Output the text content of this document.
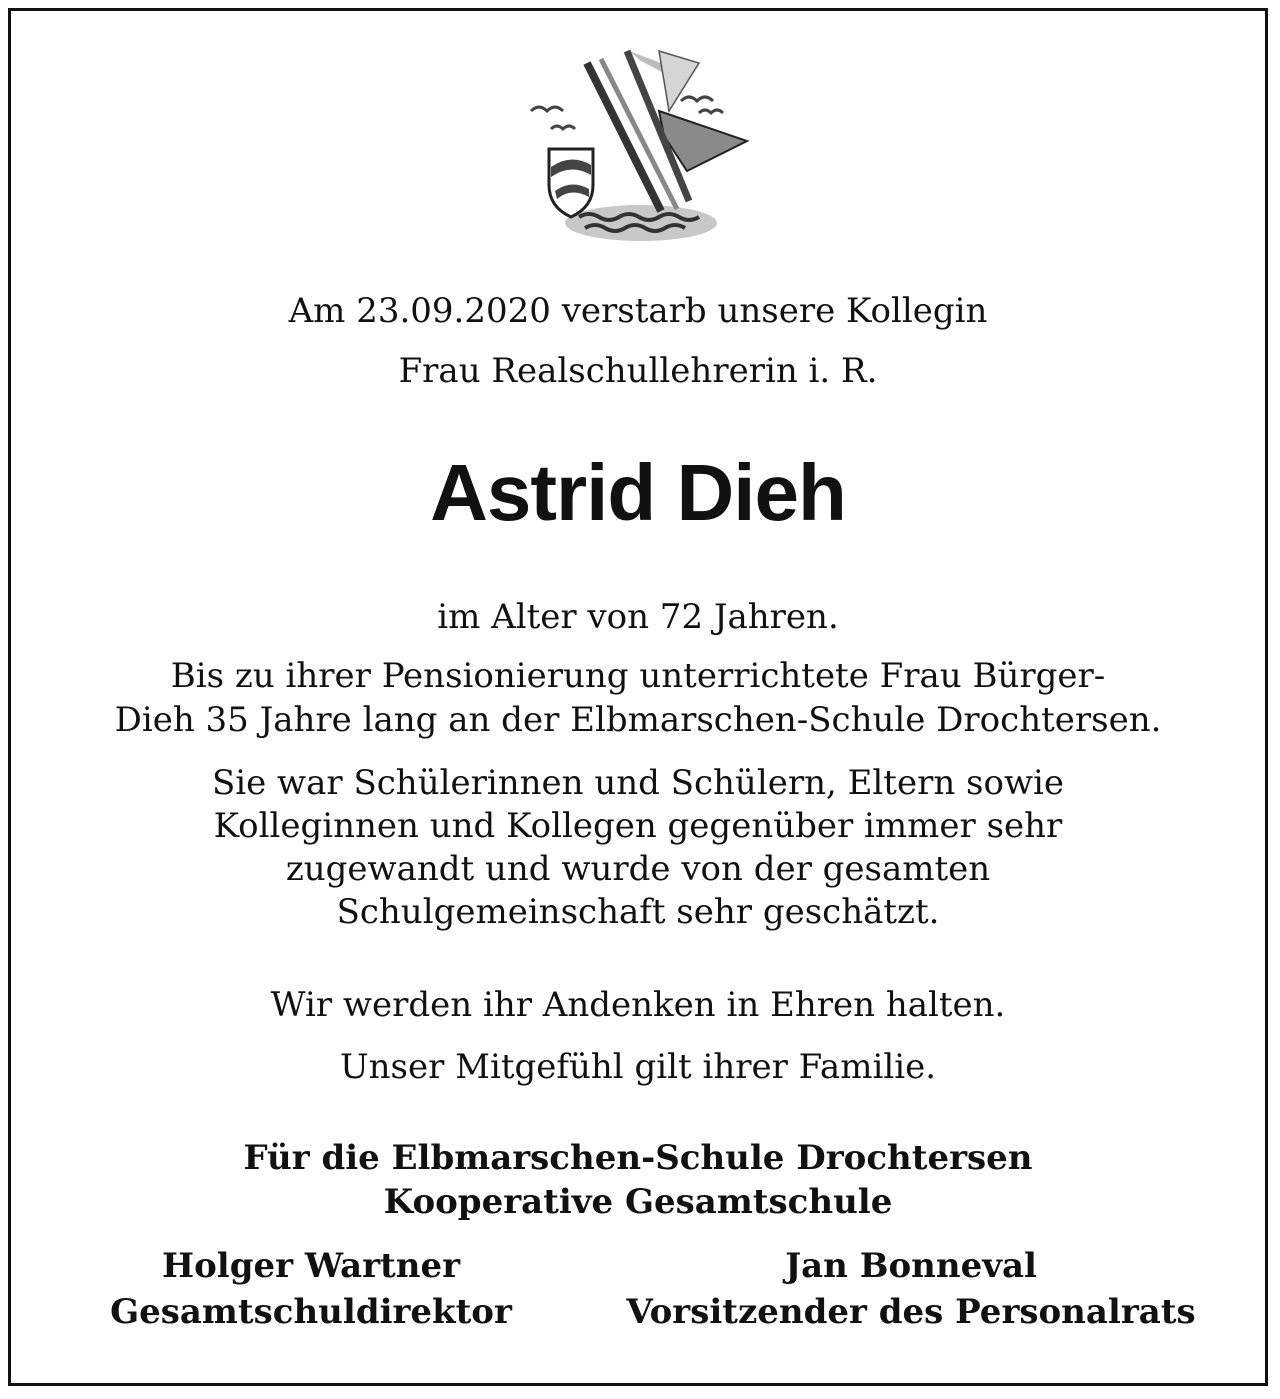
Am 23.09.2020 verstarb unsere Kollegin
Frau Realschullehrerin i. R.
Astrid Dieh
im Alter von 72 Jahren.
Bis zu ihrer Pensionierung unterrichtete Frau Bürger-
Dieh 35 Jahre lang an der Elbmarschen-Schule Drochtersen.
Sie war Schülerinnen und Schülern, Eltern sowie
Kolleginnen und Kollegen gegenüber immer sehr
zugewandt und wurde von der gesamten
Schulgemeinschaft sehr geschätzt.
Wir werden ihr Andenken in Ehren halten.
Unser Mitgefühl gilt ihrer Familie.
Für die Elbmarschen-Schule Drochtersen
Kooperative Gesamtschule
Holger Wartner
Gesamtschuldirektor
Jan Bonneval
Vorsitzender des Personalrats
